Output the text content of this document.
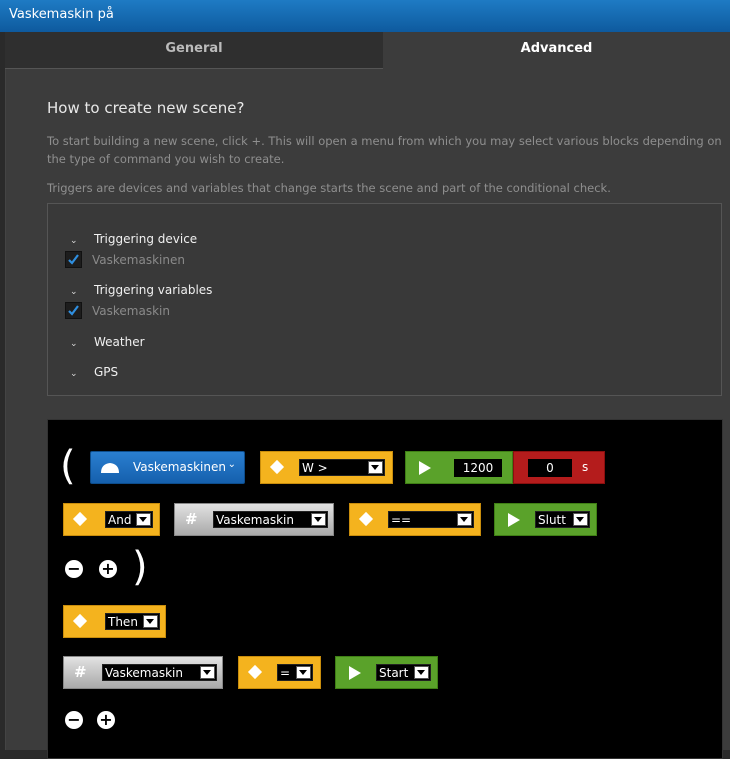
Vaskemaskin på
General	Advanced
How to create new scene?
To start building a new scene, click +. This will open a menu from which you may select various blocks depending on the type of command you wish to create.
Triggers are devices and variables that change starts the scene and part of the conditional check.
⌄ Triggering device
Vaskemaskinen
⌄ Triggering variables
Vaskemaskin
⌄ Weather
⌄ GPS
(	Vaskemaskinen ⌄	W >	1200	0	s
And	# Vaskemaskin	==	Slutt
− + )
Then
# Vaskemaskin	=	Start
− +
